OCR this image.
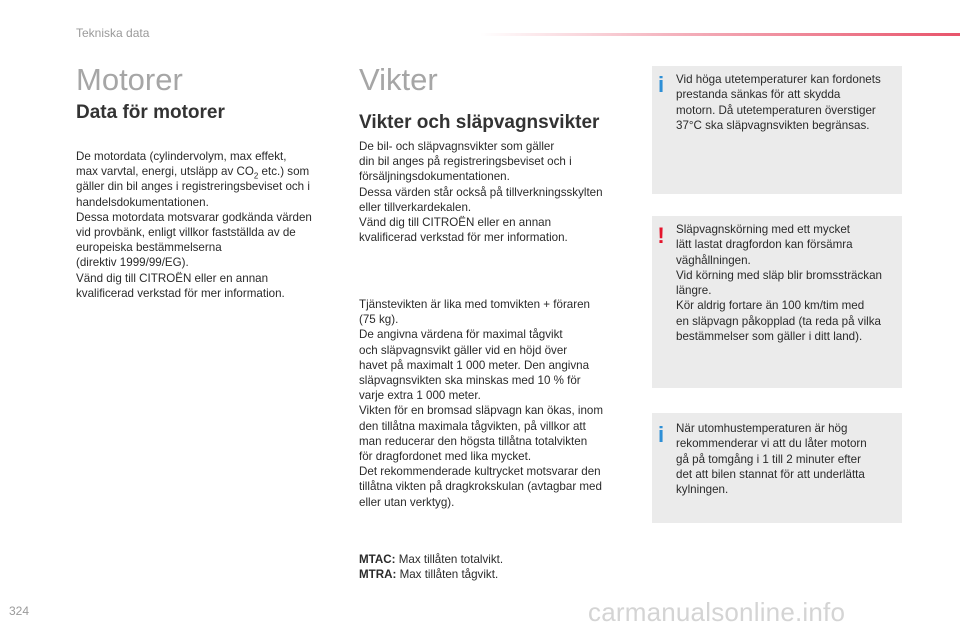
Tekniska data
Motorer
Data för motorer
De motordata (cylindervolym, max effekt,
max varvtal, energi, utsläpp av $CO_2$ etc.) som
gäller din bil anges i registreringsbeviset och i
handelsdokumentationen.
Dessa motordata motsvarar godkända värden
vid provbänk, enligt villkor fastställda av de
europeiska bestämmelserna
(direktiv 1999/99/EG).
Vänd dig till CITROËN eller en annan
kvalificerad verkstad för mer information.
Vikter
Vikter och släpvagnsvikter

De bil- och släpvagnsvikter som gäller
din bil anges på registreringsbeviset och i
försäljningsdokumentationen.
Dessa värden står också på tillverkningsskylten
eller tillverkardekalen.
Vänd dig till CITROËN eller en annan
kvalificerad verkstad för mer information.

Tjänstevikten är lika med tomvikten + föraren
(75 kg).
De angivna värdena för maximal tågvikt
och släpvagnsvikt gäller vid en höjd över
havet på maximalt 1 000 meter. Den angivna
släpvagnsvikten ska minskas med 10 % för
varje extra 1 000 meter.
Vikten för en bromsad släpvagn kan ökas, inom
den tillåtna maximala tågvikten, på villkor att
man reducerar den högsta tillåtna totalvikten
för dragfordonet med lika mycket.
Det rekommenderade kultrycket motsvarar den
tillåtna vikten på dragkrokskulan (avtagbar med
eller utan verktyg).

MTAC: Max tillåten totalvikt.
MTRA: Max tillåten tågvikt.
i Vid höga utetemperaturer kan fordonets
prestanda sänkas för att skydda
motorn. Då utetemperaturen överstiger
37°C ska släpvagnsvikten begränsas.

! Släpvagnskörning med ett mycket
lätt lastat dragfordon kan försämra
väghållningen.
Vid körning med släp blir bromssträckan
längre.
Kör aldrig fortare än 100 km/tim med
en släpvagn påkopplad (ta reda på vilka
bestämmelser som gäller i ditt land).

i När utomhustemperaturen är hög
rekommenderar vi att du låter motorn
gå på tomgång i 1 till 2 minuter efter
det att bilen stannat för att underlätta
kylningen.

324	carmanualsonline.info
